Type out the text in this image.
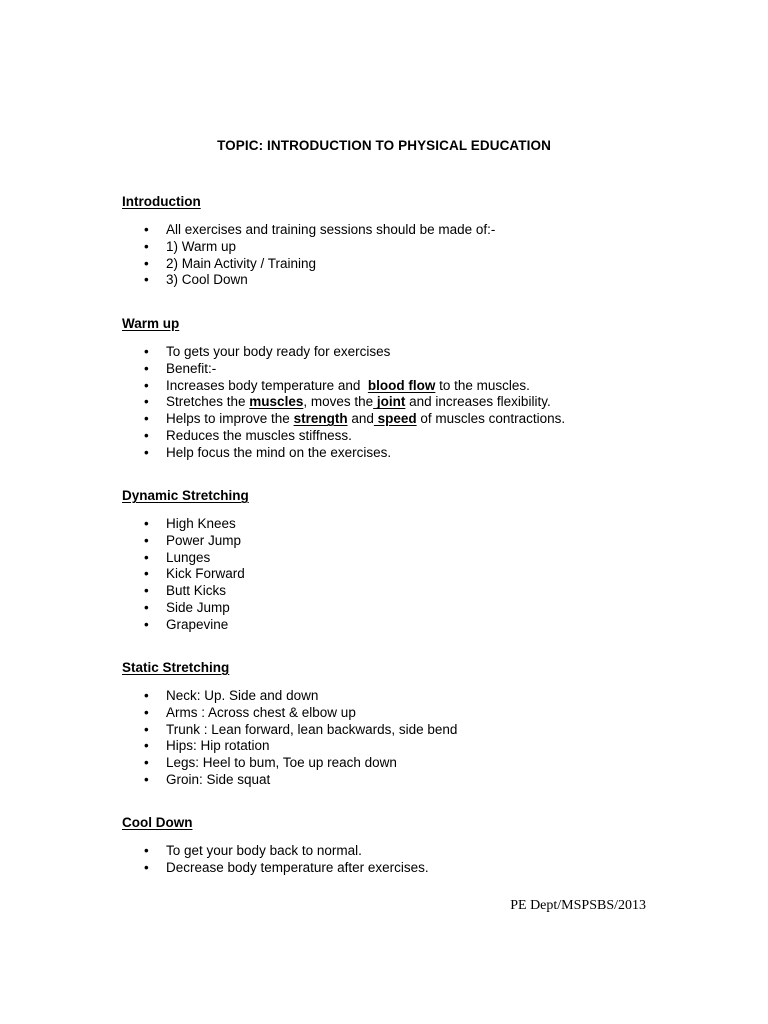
TOPIC: INTRODUCTION TO PHYSICAL EDUCATION
Introduction
• All exercises and training sessions should be made of:-
• 1) Warm up
• 2) Main Activity / Training
• 3) Cool Down
Warm up
• To gets your body ready for exercises
• Benefit:-
• Increases body temperature and  blood flow to the muscles.
• Stretches the muscles, moves the joint and increases flexibility.
• Helps to improve the strength and speed of muscles contractions.
• Reduces the muscles stiffness.
• Help focus the mind on the exercises.
Dynamic Stretching
• High Knees
• Power Jump
• Lunges
• Kick Forward
• Butt Kicks
• Side Jump
• Grapevine
Static Stretching
• Neck: Up. Side and down
• Arms : Across chest & elbow up
• Trunk : Lean forward, lean backwards, side bend
• Hips: Hip rotation
• Legs: Heel to bum, Toe up reach down
• Groin: Side squat
Cool Down
• To get your body back to normal.
• Decrease body temperature after exercises.
PE Dept/MSPSBS/2013
